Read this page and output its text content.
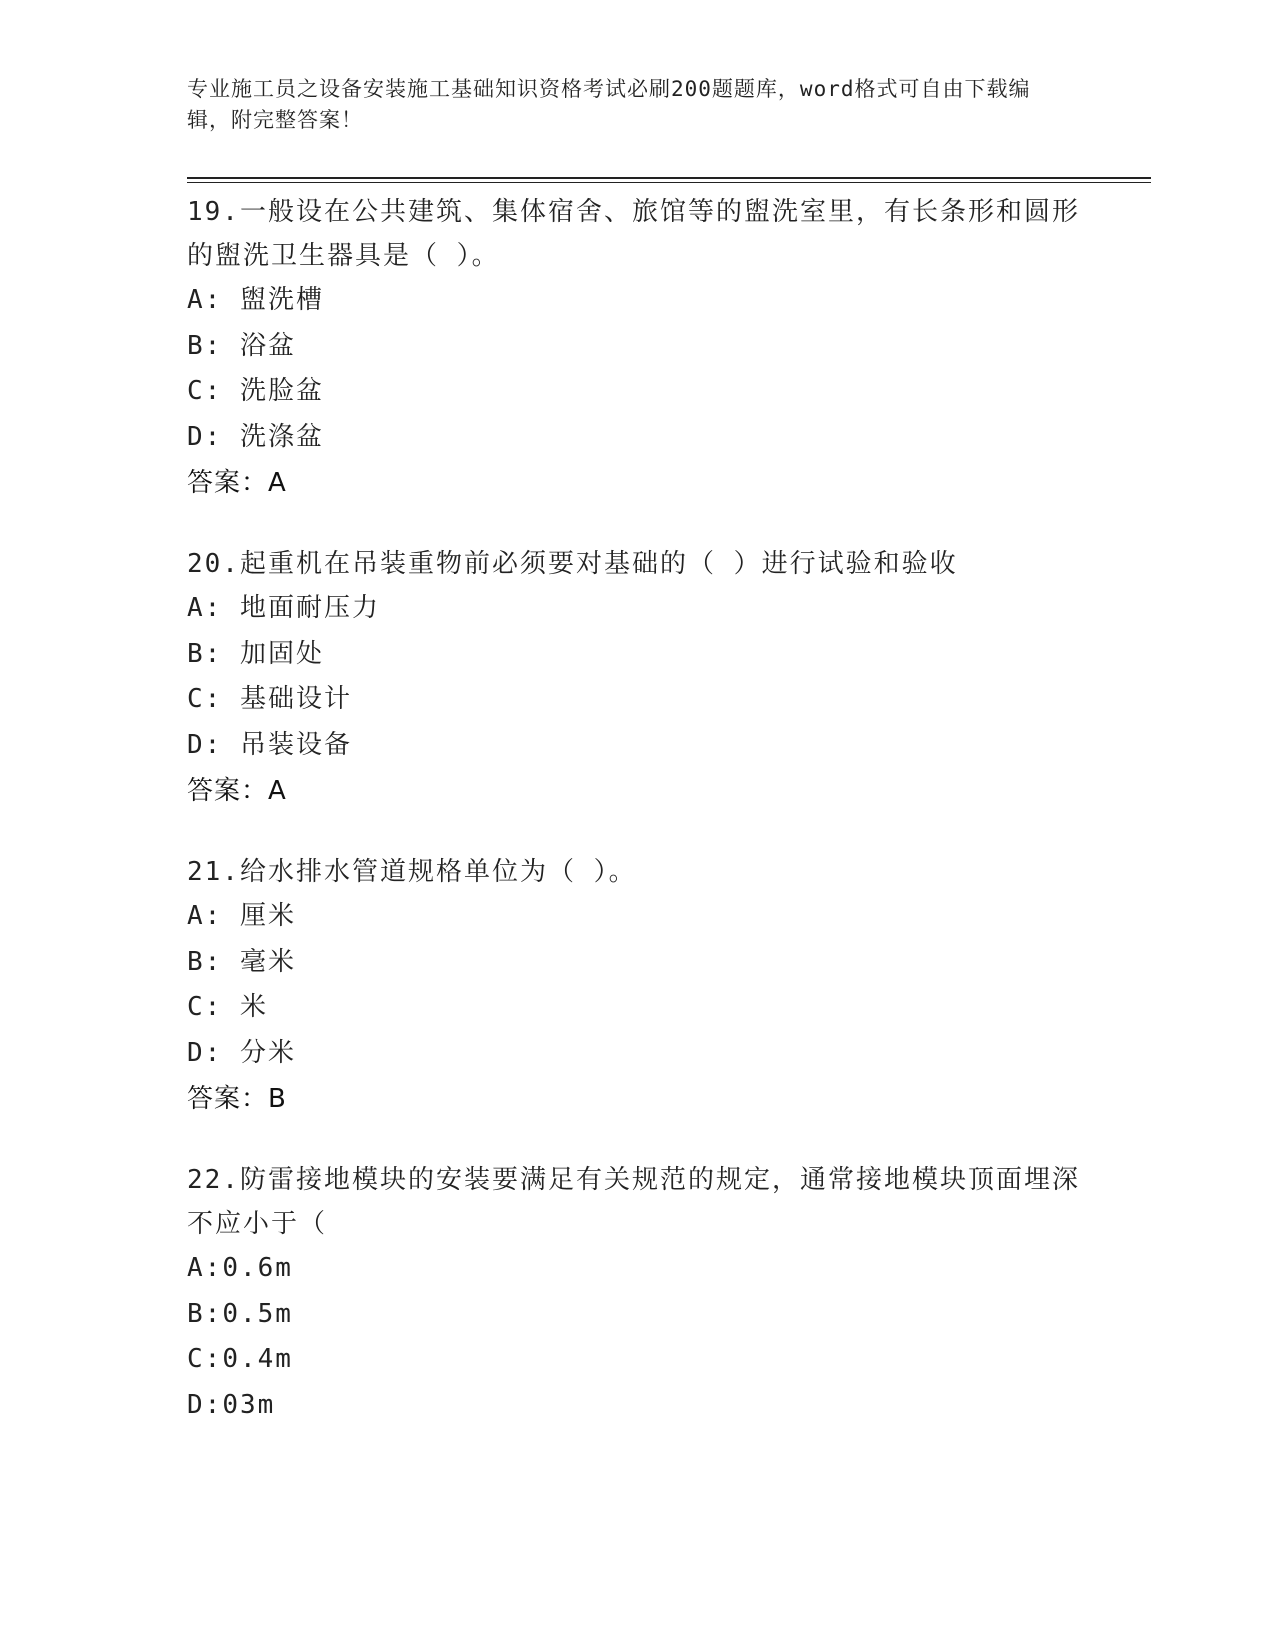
专业施工员之设备安装施工基础知识资格考试必刷200题题库，word格式可自由下载编辑，附完整答案！

19.一般设在公共建筑、集体宿舍、旅馆等的盥洗室里，有长条形和圆形的盥洗卫生器具是（ ）。

A: 盥洗槽

B: 浴盆

C: 洗脸盆

D: 洗涤盆

答案：A

20.起重机在吊装重物前必须要对基础的（ ）进行试验和验收

A: 地面耐压力

B: 加固处

C: 基础设计

D: 吊装设备

答案：A

21.给水排水管道规格单位为（ ）。

A: 厘米

B: 毫米

C: 米

D: 分米

答案：B

22.防雷接地模块的安装要满足有关规范的规定，通常接地模块顶面埋深不应小于（

A:0.6m

B:0.5m

C:0.4m

D:03m
